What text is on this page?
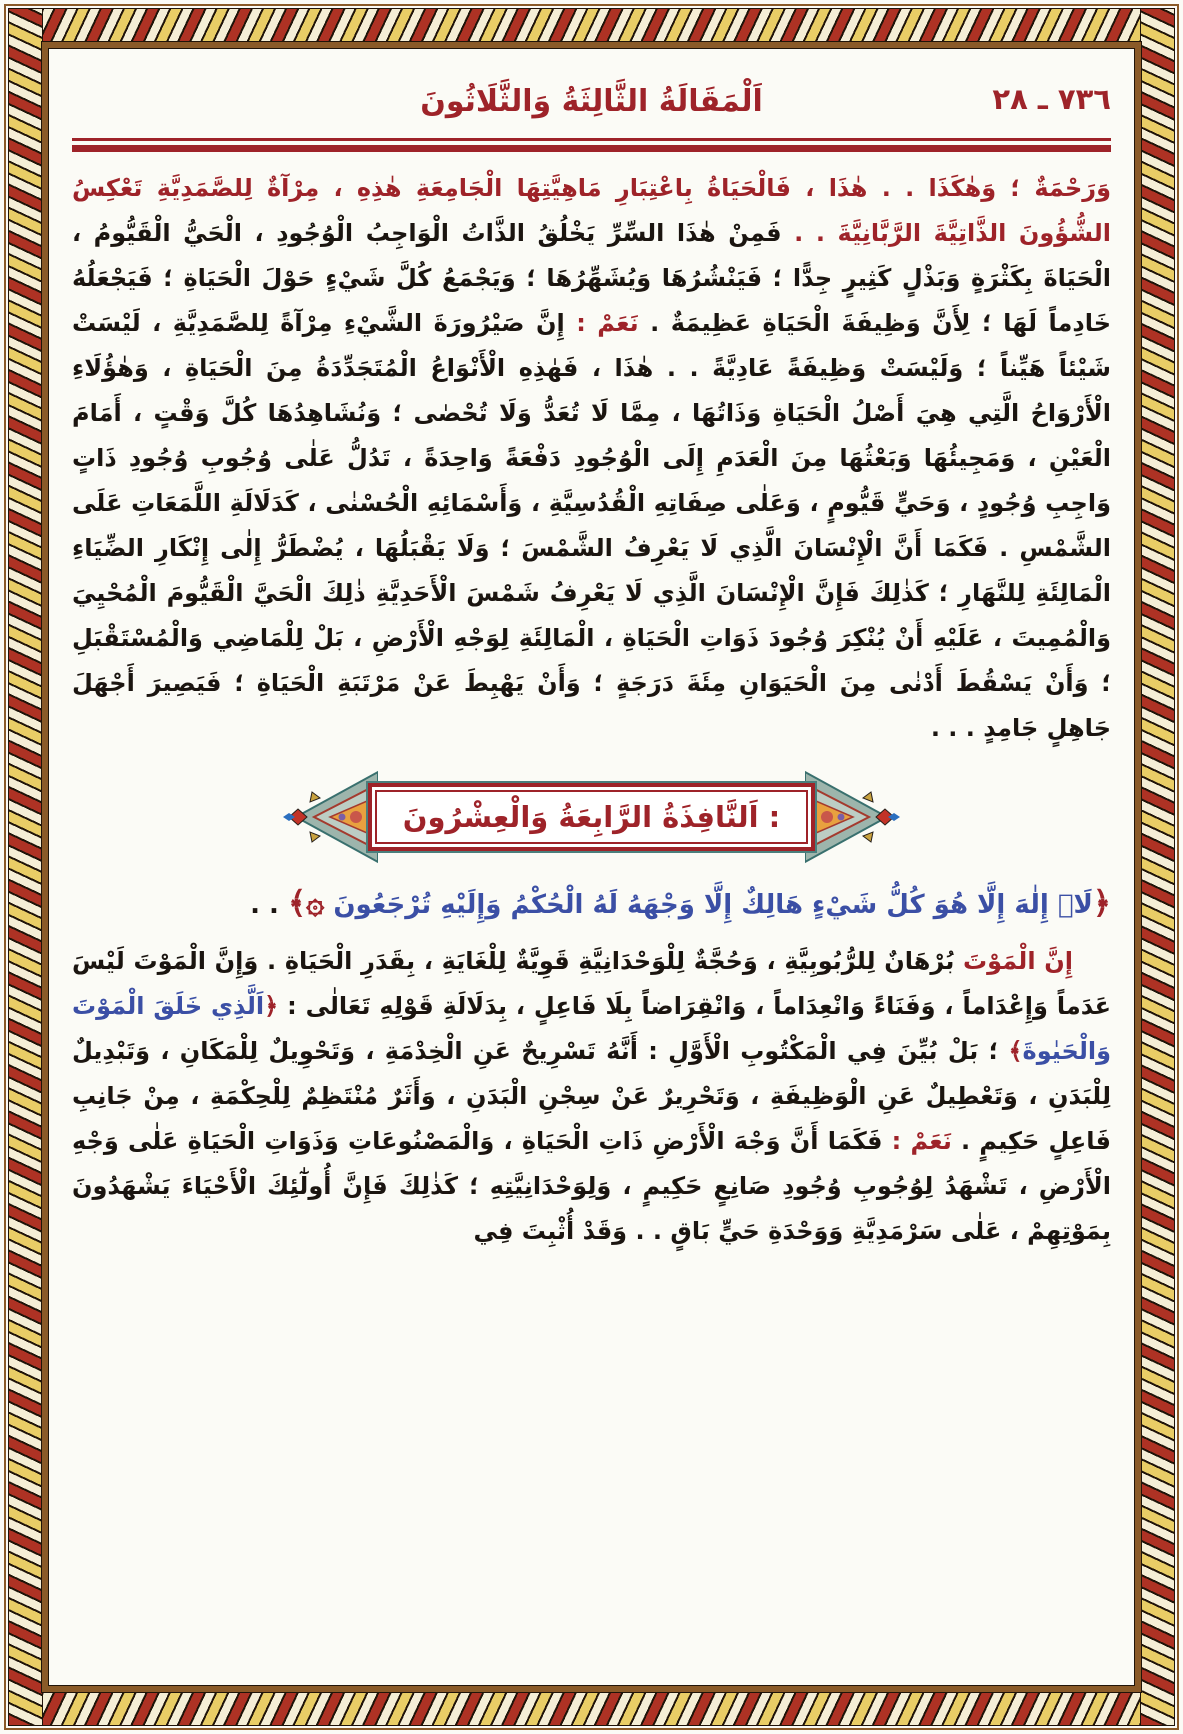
٧٣٦ ـ ٢٨
اَلْمَقَالَةُ الثَّالِثَةُ وَالثَّلَاثُونَ

وَرَحْمَةٌ ؛ وَهٰكَذَا . . هٰذَا ، فَالْحَيَاةُ بِاعْتِبَارِ مَاهِيَّتِهَا الْجَامِعَةِ هٰذِهِ ، مِرْآةٌ لِلصَّمَدِيَّةِ تَعْكِسُ الشُّؤُونَ الذَّاتِيَّةَ الرَّبَّانِيَّةَ . . فَمِنْ هٰذَا السِّرِّ يَخْلُقُ الذَّاتُ الْوَاجِبُ الْوُجُودِ ، الْحَيُّ الْقَيُّومُ ، الْحَيَاةَ بِكَثْرَةٍ وَبَذْلٍ كَثِيرٍ جِدًّا ؛ فَيَنْشُرُهَا وَيُشَهِّرُهَا ؛ وَيَجْمَعُ كُلَّ شَيْءٍ حَوْلَ الْحَيَاةِ ؛ فَيَجْعَلُهُ خَادِماً لَهَا ؛ لِأَنَّ وَظِيفَةَ الْحَيَاةِ عَظِيمَةٌ . نَعَمْ : إِنَّ صَيْرُورَةَ الشَّيْءِ مِرْآةً لِلصَّمَدِيَّةِ ، لَيْسَتْ شَيْئاً هَيِّناً ؛ وَلَيْسَتْ وَظِيفَةً عَادِيَّةً . . هٰذَا ، فَهٰذِهِ الْأَنْوَاعُ الْمُتَجَدِّدَةُ مِنَ الْحَيَاةِ ، وَهٰؤُلَاءِ الْأَرْوَاحُ الَّتِي هِيَ أَصْلُ الْحَيَاةِ وَذَاتُهَا ، مِمَّا لَا تُعَدُّ وَلَا تُحْصٰى ؛ وَنُشَاهِدُهَا كُلَّ وَقْتٍ ، أَمَامَ الْعَيْنِ ، وَمَجِيئُهَا وَبَعْثُهَا مِنَ الْعَدَمِ إِلَى الْوُجُودِ دَفْعَةً وَاحِدَةً ، تَدُلُّ عَلٰى وُجُوبِ وُجُودِ ذَاتٍ وَاجِبِ وُجُودٍ ، وَحَيٍّ قَيُّومٍ ، وَعَلٰى صِفَاتِهِ الْقُدُسِيَّةِ ، وَأَسْمَائِهِ الْحُسْنٰى ، كَدَلَالَةِ اللَّمَعَاتِ عَلَى الشَّمْسِ . فَكَمَا أَنَّ الْإِنْسَانَ الَّذِي لَا يَعْرِفُ الشَّمْسَ ؛ وَلَا يَقْبَلُهَا ، يُضْطَرُّ إِلٰى إِنْكَارِ الضِّيَاءِ الْمَالِئَةِ لِلنَّهَارِ ؛ كَذٰلِكَ فَإِنَّ الْإِنْسَانَ الَّذِي لَا يَعْرِفُ شَمْسَ الْأَحَدِيَّةِ ذٰلِكَ الْحَيَّ الْقَيُّومَ الْمُحْيِيَ وَالْمُمِيتَ ، عَلَيْهِ أَنْ يُنْكِرَ وُجُودَ ذَوَاتِ الْحَيَاةِ ، الْمَالِئَةِ لِوَجْهِ الْأَرْضِ ، بَلْ لِلْمَاضِي وَالْمُسْتَقْبَلِ ؛ وَأَنْ يَسْقُطَ أَدْنٰى مِنَ الْحَيَوَانِ مِئَةَ دَرَجَةٍ ؛ وَأَنْ يَهْبِطَ عَنْ مَرْتَبَةِ الْحَيَاةِ ؛ فَيَصِيرَ أَجْهَلَ جَاهِلٍ جَامِدٍ . . .

اَلنَّافِذَةُ الرَّابِعَةُ وَالْعِشْرُونَ :

﴿لَاۤ إِلٰهَ إِلَّا هُوَ كُلُّ شَيْءٍ هَالِكٌ إِلَّا وَجْهَهُ لَهُ الْحُكْمُ وَإِلَيْهِ تُرْجَعُونَ ۞﴾ . .

إِنَّ الْمَوْتَ بُرْهَانٌ لِلرُّبُوبِيَّةِ ، وَحُجَّةٌ لِلْوَحْدَانِيَّةِ قَوِيَّةٌ لِلْغَايَةِ ، بِقَدَرِ الْحَيَاةِ . وَإِنَّ الْمَوْتَ لَيْسَ عَدَماً وَإِعْدَاماً ، وَفَنَاءً وَانْعِدَاماً ، وَانْقِرَاضاً بِلَا فَاعِلٍ ، بِدَلَالَةِ قَوْلِهِ تَعَالٰى : ﴿اَلَّذِي خَلَقَ الْمَوْتَ وَالْحَيٰوةَ﴾ ؛ بَلْ بُيِّنَ فِي الْمَكْتُوبِ الْأَوَّلِ : أَنَّهُ تَسْرِيحٌ عَنِ الْخِدْمَةِ ، وَتَحْوِيلٌ لِلْمَكَانِ ، وَتَبْدِيلٌ لِلْبَدَنِ ، وَتَعْطِيلٌ عَنِ الْوَظِيفَةِ ، وَتَحْرِيرٌ عَنْ سِجْنِ الْبَدَنِ ، وَأَثَرٌ مُنْتَظِمٌ لِلْحِكْمَةِ ، مِنْ جَانِبِ فَاعِلٍ حَكِيمٍ . نَعَمْ : فَكَمَا أَنَّ وَجْهَ الْأَرْضِ ذَاتِ الْحَيَاةِ ، وَالْمَصْنُوعَاتِ وَذَوَاتِ الْحَيَاةِ عَلٰى وَجْهِ الْأَرْضِ ، تَشْهَدُ لِوُجُوبِ وُجُودِ صَانِعٍ حَكِيمٍ ، وَلِوَحْدَانِيَّتِهِ ؛ كَذٰلِكَ فَإِنَّ أُولٰٓئِكَ الْأَحْيَاءَ يَشْهَدُونَ بِمَوْتِهِمْ ، عَلٰى سَرْمَدِيَّةِ وَوَحْدَةِ حَيٍّ بَاقٍ . . وَقَدْ أُثْبِتَ فِي
